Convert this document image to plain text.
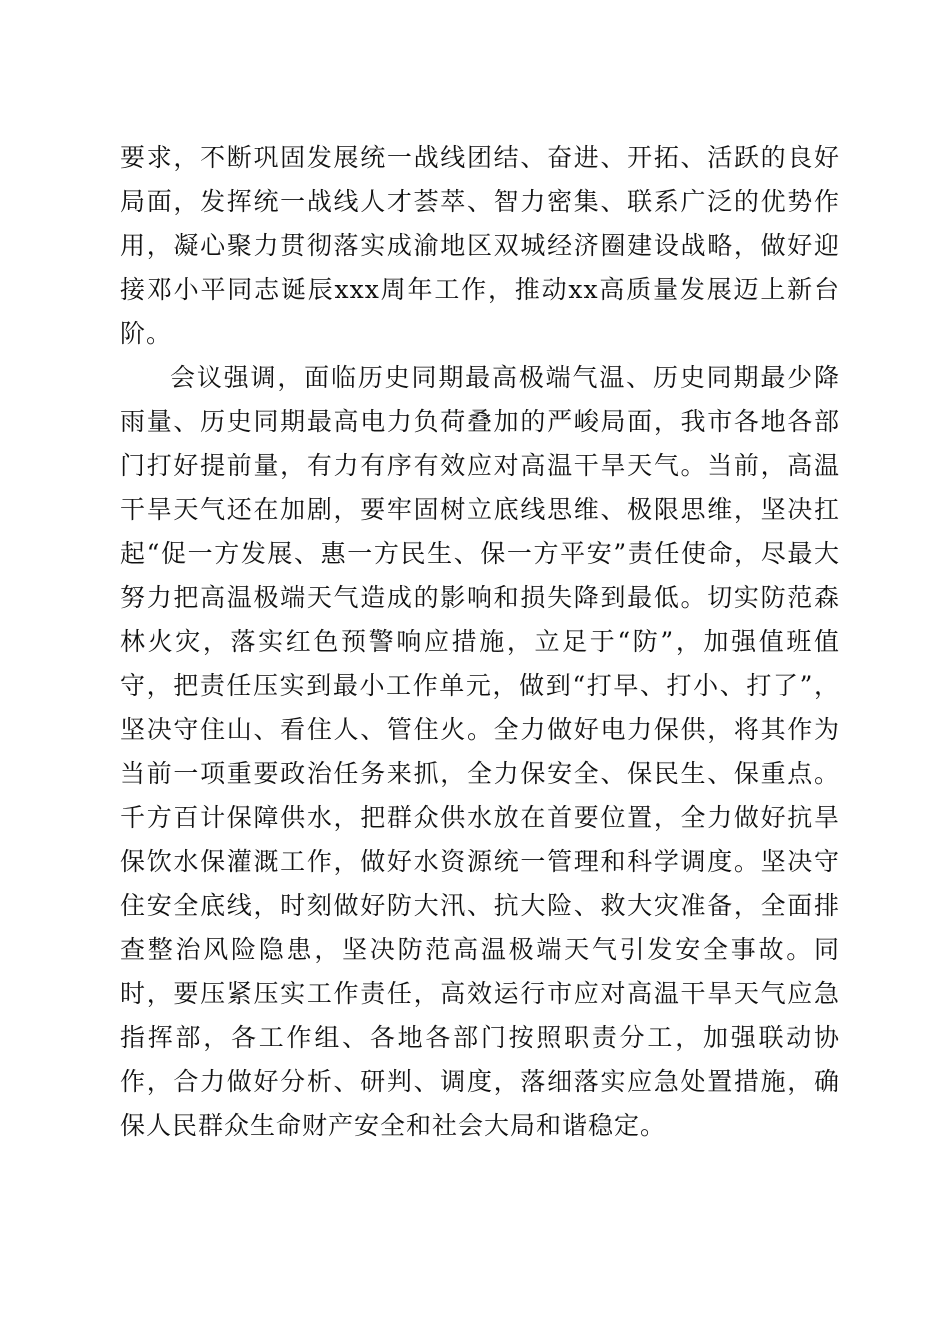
要求，不断巩固发展统一战线团结、奋进、开拓、活跃的良好局面，发挥统一战线人才荟萃、智力密集、联系广泛的优势作用，凝心聚力贯彻落实成渝地区双城经济圈建设战略，做好迎接邓小平同志诞辰xxx周年工作，推动xx高质量发展迈上新台阶。

会议强调，面临历史同期最高极端气温、历史同期最少降雨量、历史同期最高电力负荷叠加的严峻局面，我市各地各部门打好提前量，有力有序有效应对高温干旱天气。当前，高温干旱天气还在加剧，要牢固树立底线思维、极限思维，坚决扛起“促一方发展、惠一方民生、保一方平安”责任使命，尽最大努力把高温极端天气造成的影响和损失降到最低。切实防范森林火灾，落实红色预警响应措施，立足于“防”，加强值班值守，把责任压实到最小工作单元，做到“打早、打小、打了”，坚决守住山、看住人、管住火。全力做好电力保供，将其作为当前一项重要政治任务来抓，全力保安全、保民生、保重点。千方百计保障供水，把群众供水放在首要位置，全力做好抗旱保饮水保灌溉工作，做好水资源统一管理和科学调度。坚决守住安全底线，时刻做好防大汛、抗大险、救大灾准备，全面排查整治风险隐患，坚决防范高温极端天气引发安全事故。同时，要压紧压实工作责任，高效运行市应对高温干旱天气应急指挥部，各工作组、各地各部门按照职责分工，加强联动协作，合力做好分析、研判、调度，落细落实应急处置措施，确保人民群众生命财产安全和社会大局和谐稳定。
